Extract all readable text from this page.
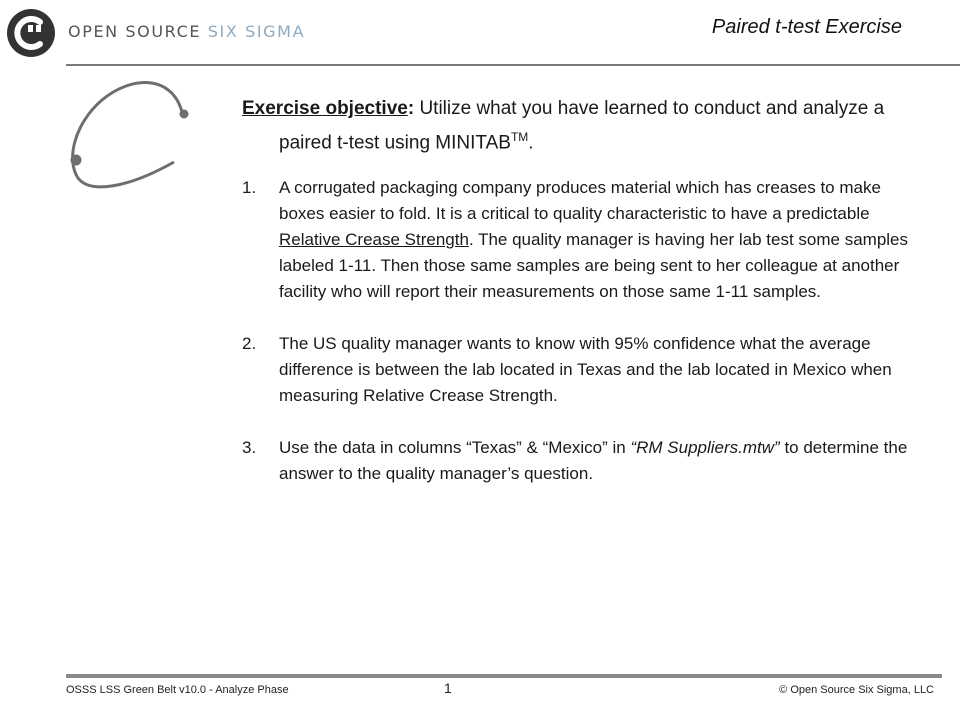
OPEN SOURCE SIX SIGMA	Paired t-test Exercise
Exercise objective: Utilize what you have learned to conduct and analyze a paired t-test using MINITAB™.
1. A corrugated packaging company produces material which has creases to make boxes easier to fold. It is a critical to quality characteristic to have a predictable Relative Crease Strength. The quality manager is having her lab test some samples labeled 1-11. Then those same samples are being sent to her colleague at another facility who will report their measurements on those same 1-11 samples.
2. The US quality manager wants to know with 95% confidence what the average difference is between the lab located in Texas and the lab located in Mexico when measuring Relative Crease Strength.
3. Use the data in columns “Texas” & “Mexico” in “RM Suppliers.mtw” to determine the answer to the quality manager’s question.
OSSS LSS Green Belt v10.0 - Analyze Phase	1	© Open Source Six Sigma, LLC
